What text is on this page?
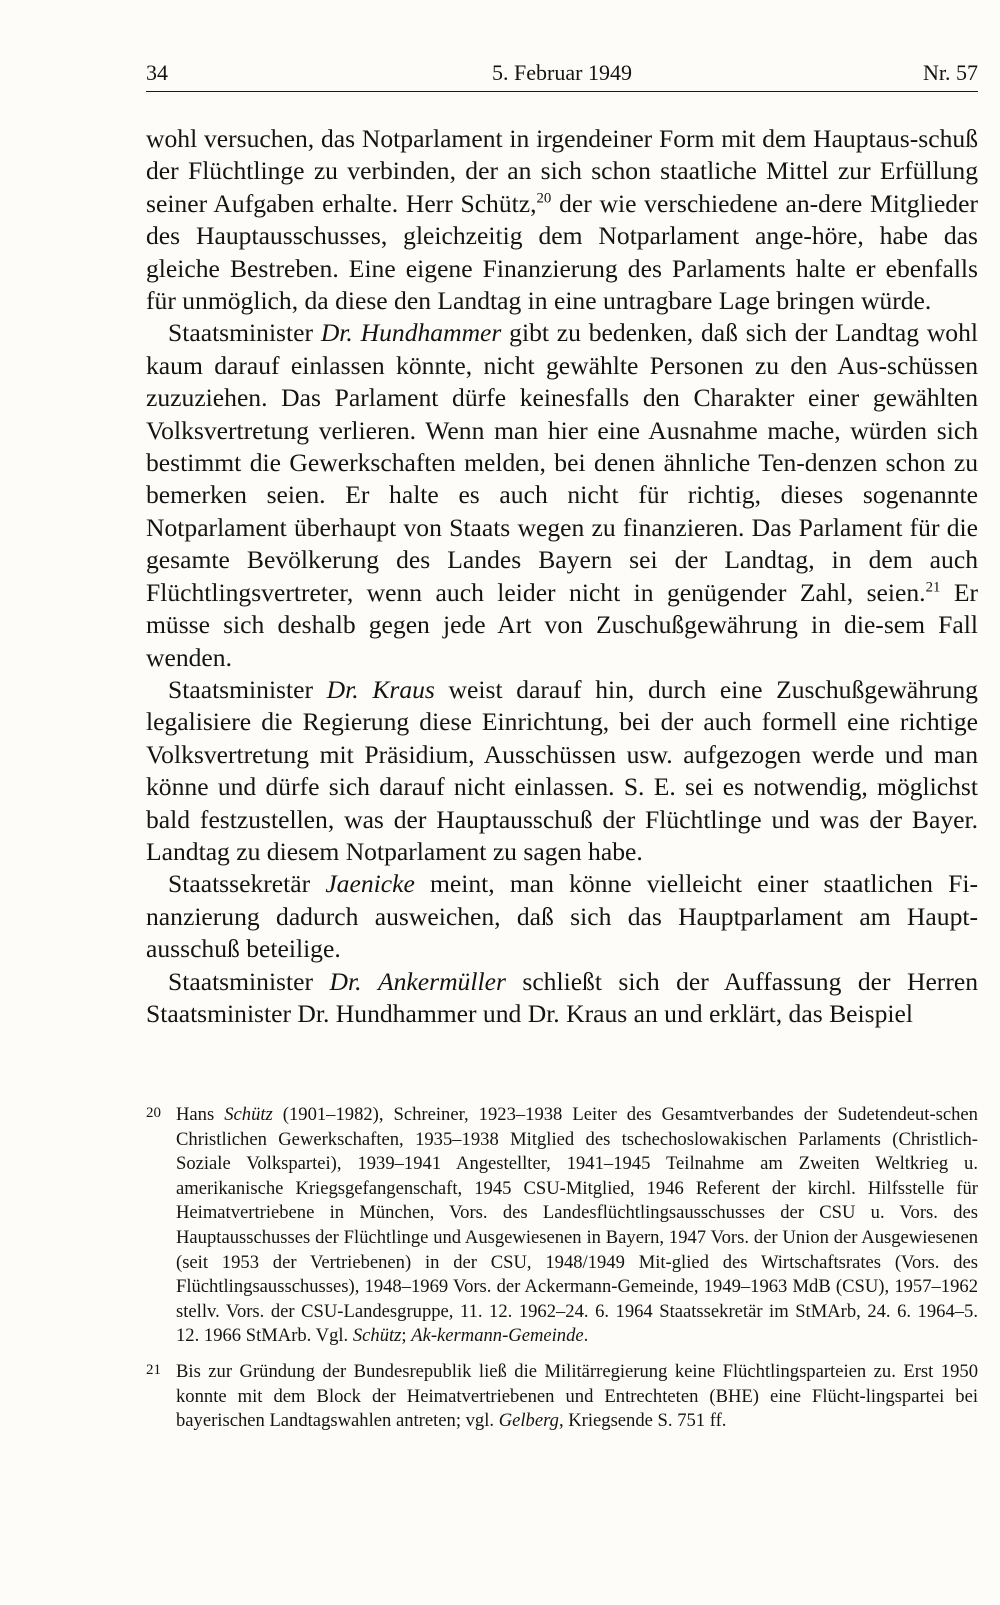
34	5. Februar 1949	Nr. 57

wohl versuchen, das Notparlament in irgendeiner Form mit dem Hauptaus-schuß der Flüchtlinge zu verbinden, der an sich schon staatliche Mittel zur Erfüllung seiner Aufgaben erhalte. Herr Schütz,$^{20}$ der wie verschiedene an-dere Mitglieder des Hauptausschusses, gleichzeitig dem Notparlament ange-höre, habe das gleiche Bestreben. Eine eigene Finanzierung des Parlaments halte er ebenfalls für unmöglich, da diese den Landtag in eine untragbare Lage bringen würde.

Staatsminister Dr. Hundhammer gibt zu bedenken, daß sich der Landtag wohl kaum darauf einlassen könnte, nicht gewählte Personen zu den Aus-schüssen zuzuziehen. Das Parlament dürfe keinesfalls den Charakter einer gewählten Volksvertretung verlieren. Wenn man hier eine Ausnahme mache, würden sich bestimmt die Gewerkschaften melden, bei denen ähnliche Ten-denzen schon zu bemerken seien. Er halte es auch nicht für richtig, dieses sogenannte Notparlament überhaupt von Staats wegen zu finanzieren. Das Parlament für die gesamte Bevölkerung des Landes Bayern sei der Landtag, in dem auch Flüchtlingsvertreter, wenn auch leider nicht in genügender Zahl, seien.$^{21}$ Er müsse sich deshalb gegen jede Art von Zuschußgewährung in die-sem Fall wenden.

Staatsminister Dr. Kraus weist darauf hin, durch eine Zuschußgewährung legalisiere die Regierung diese Einrichtung, bei der auch formell eine richtige Volksvertretung mit Präsidium, Ausschüssen usw. aufgezogen werde und man könne und dürfe sich darauf nicht einlassen. S. E. sei es notwendig, möglichst bald festzustellen, was der Hauptausschuß der Flüchtlinge und was der Bayer. Landtag zu diesem Notparlament zu sagen habe.

Staatssekretär Jaenicke meint, man könne vielleicht einer staatlichen Fi-nanzierung dadurch ausweichen, daß sich das Hauptparlament am Haupt-ausschuß beteilige.

Staatsminister Dr. Ankermüller schließt sich der Auffassung der Herren Staatsminister Dr. Hundhammer und Dr. Kraus an und erklärt, das Beispiel

20 Hans Schütz (1901–1982), Schreiner, 1923–1938 Leiter des Gesamtverbandes der Sudetendeut-schen Christlichen Gewerkschaften, 1935–1938 Mitglied des tschechoslowakischen Parlaments (Christlich-Soziale Volkspartei), 1939–1941 Angestellter, 1941–1945 Teilnahme am Zweiten Weltkrieg u. amerikanische Kriegsgefangenschaft, 1945 CSU-Mitglied, 1946 Referent der kirchl. Hilfsstelle für Heimatvertriebene in München, Vors. des Landesflüchtlingsausschusses der CSU u. Vors. des Hauptausschusses der Flüchtlinge und Ausgewiesenen in Bayern, 1947 Vors. der Union der Ausgewiesenen (seit 1953 der Vertriebenen) in der CSU, 1948/1949 Mit-glied des Wirtschaftsrates (Vors. des Flüchtlingsausschusses), 1948–1969 Vors. der Ackermann-Gemeinde, 1949–1963 MdB (CSU), 1957–1962 stellv. Vors. der CSU-Landesgruppe, 11. 12. 1962–24. 6. 1964 Staatssekretär im StMArb, 24. 6. 1964–5. 12. 1966 StMArb. Vgl. Schütz; Ak-kermann-Gemeinde.
21 Bis zur Gründung der Bundesrepublik ließ die Militärregierung keine Flüchtlingsparteien zu. Erst 1950 konnte mit dem Block der Heimatvertriebenen und Entrechteten (BHE) eine Flücht-lingspartei bei bayerischen Landtagswahlen antreten; vgl. Gelberg, Kriegsende S. 751 ff.
